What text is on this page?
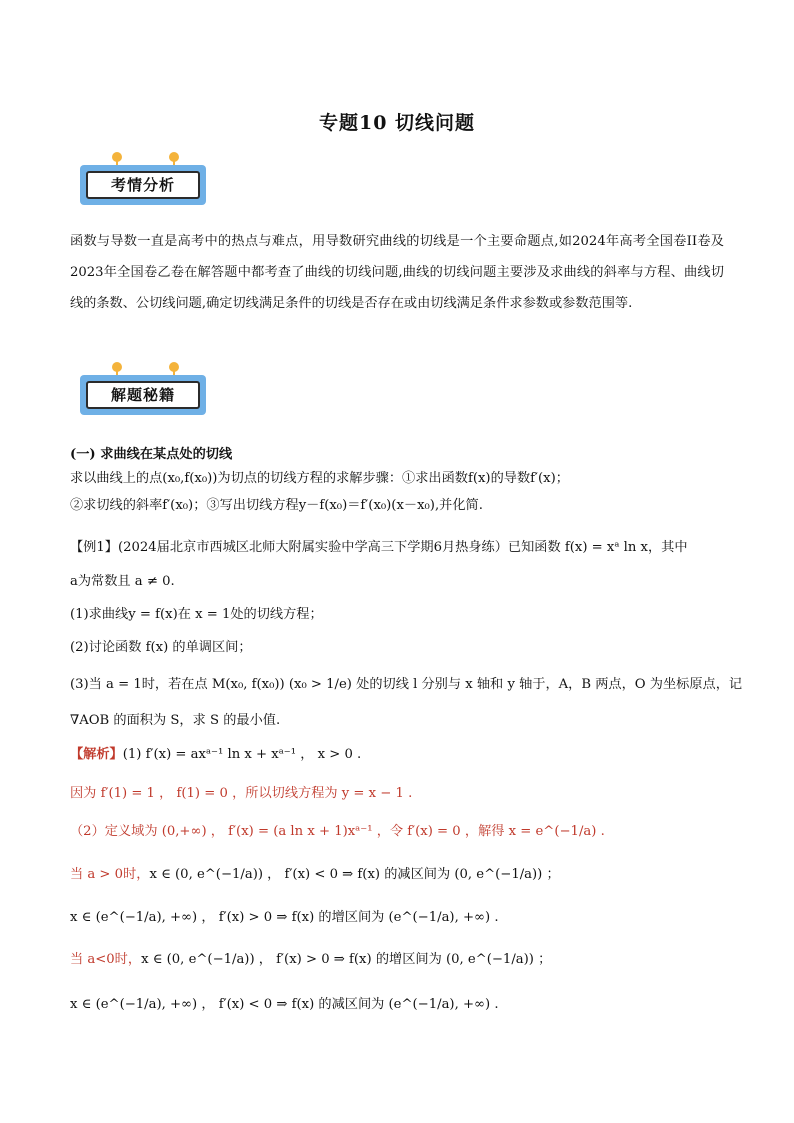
专题10 切线问题
考情分析
函数与导数一直是高考中的热点与难点，用导数研究曲线的切线是一个主要命题点,如2024年高考全国卷II卷及2023年全国卷乙卷在解答题中都考查了曲线的切线问题,曲线的切线问题主要涉及求曲线的斜率与方程、曲线切线的条数、公切线问题,确定切线满足条件的切线是否存在或由切线满足条件求参数或参数范围等.
解题秘籍
(一) 求曲线在某点处的切线
求以曲线上的点(x₀,f(x₀))为切点的切线方程的求解步骤：①求出函数f(x)的导数f′(x)；
②求切线的斜率f′(x₀)；③写出切线方程y－f(x₀)＝f′(x₀)(x－x₀),并化简.
【例1】(2024届北京市西城区北师大附属实验中学高三下学期6月热身练）已知函数 f(x) = xᵃ ln x，其中
a为常数且 a ≠ 0.
(1)求曲线y = f(x)在 x = 1处的切线方程；
(2)讨论函数 f(x) 的单调区间；
(3)当 a = 1时，若在点 M(x₀, f(x₀)) (x₀ > 1/e) 处的切线 l 分别与 x 轴和 y 轴于，A，B 两点，O 为坐标原点，记
∇AOB 的面积为 S，求 S 的最小值.
【解析】(1) f′(x) = axᵃ⁻¹ ln x + xᵃ⁻¹ ， x > 0 .
因为 f′(1) = 1 ， f(1) = 0 ，所以切线方程为 y = x − 1 .
（2）定义域为 (0,+∞) ， f′(x) = (a ln x + 1)xᵃ⁻¹ ，令 f′(x) = 0 ，解得 x = e^(−1/a) .
当 a > 0时，x ∈ (0, e^(−1/a)) ， f′(x) < 0 ⇒ f(x) 的减区间为 (0, e^(−1/a)) ；
x ∈ (e^(−1/a), +∞) ， f′(x) > 0 ⇒ f(x) 的增区间为 (e^(−1/a), +∞) .
当 a<0时，x ∈ (0, e^(−1/a)) ， f′(x) > 0 ⇒ f(x) 的增区间为 (0, e^(−1/a)) ；
x ∈ (e^(−1/a), +∞) ， f′(x) < 0 ⇒ f(x) 的减区间为 (e^(−1/a), +∞) .
